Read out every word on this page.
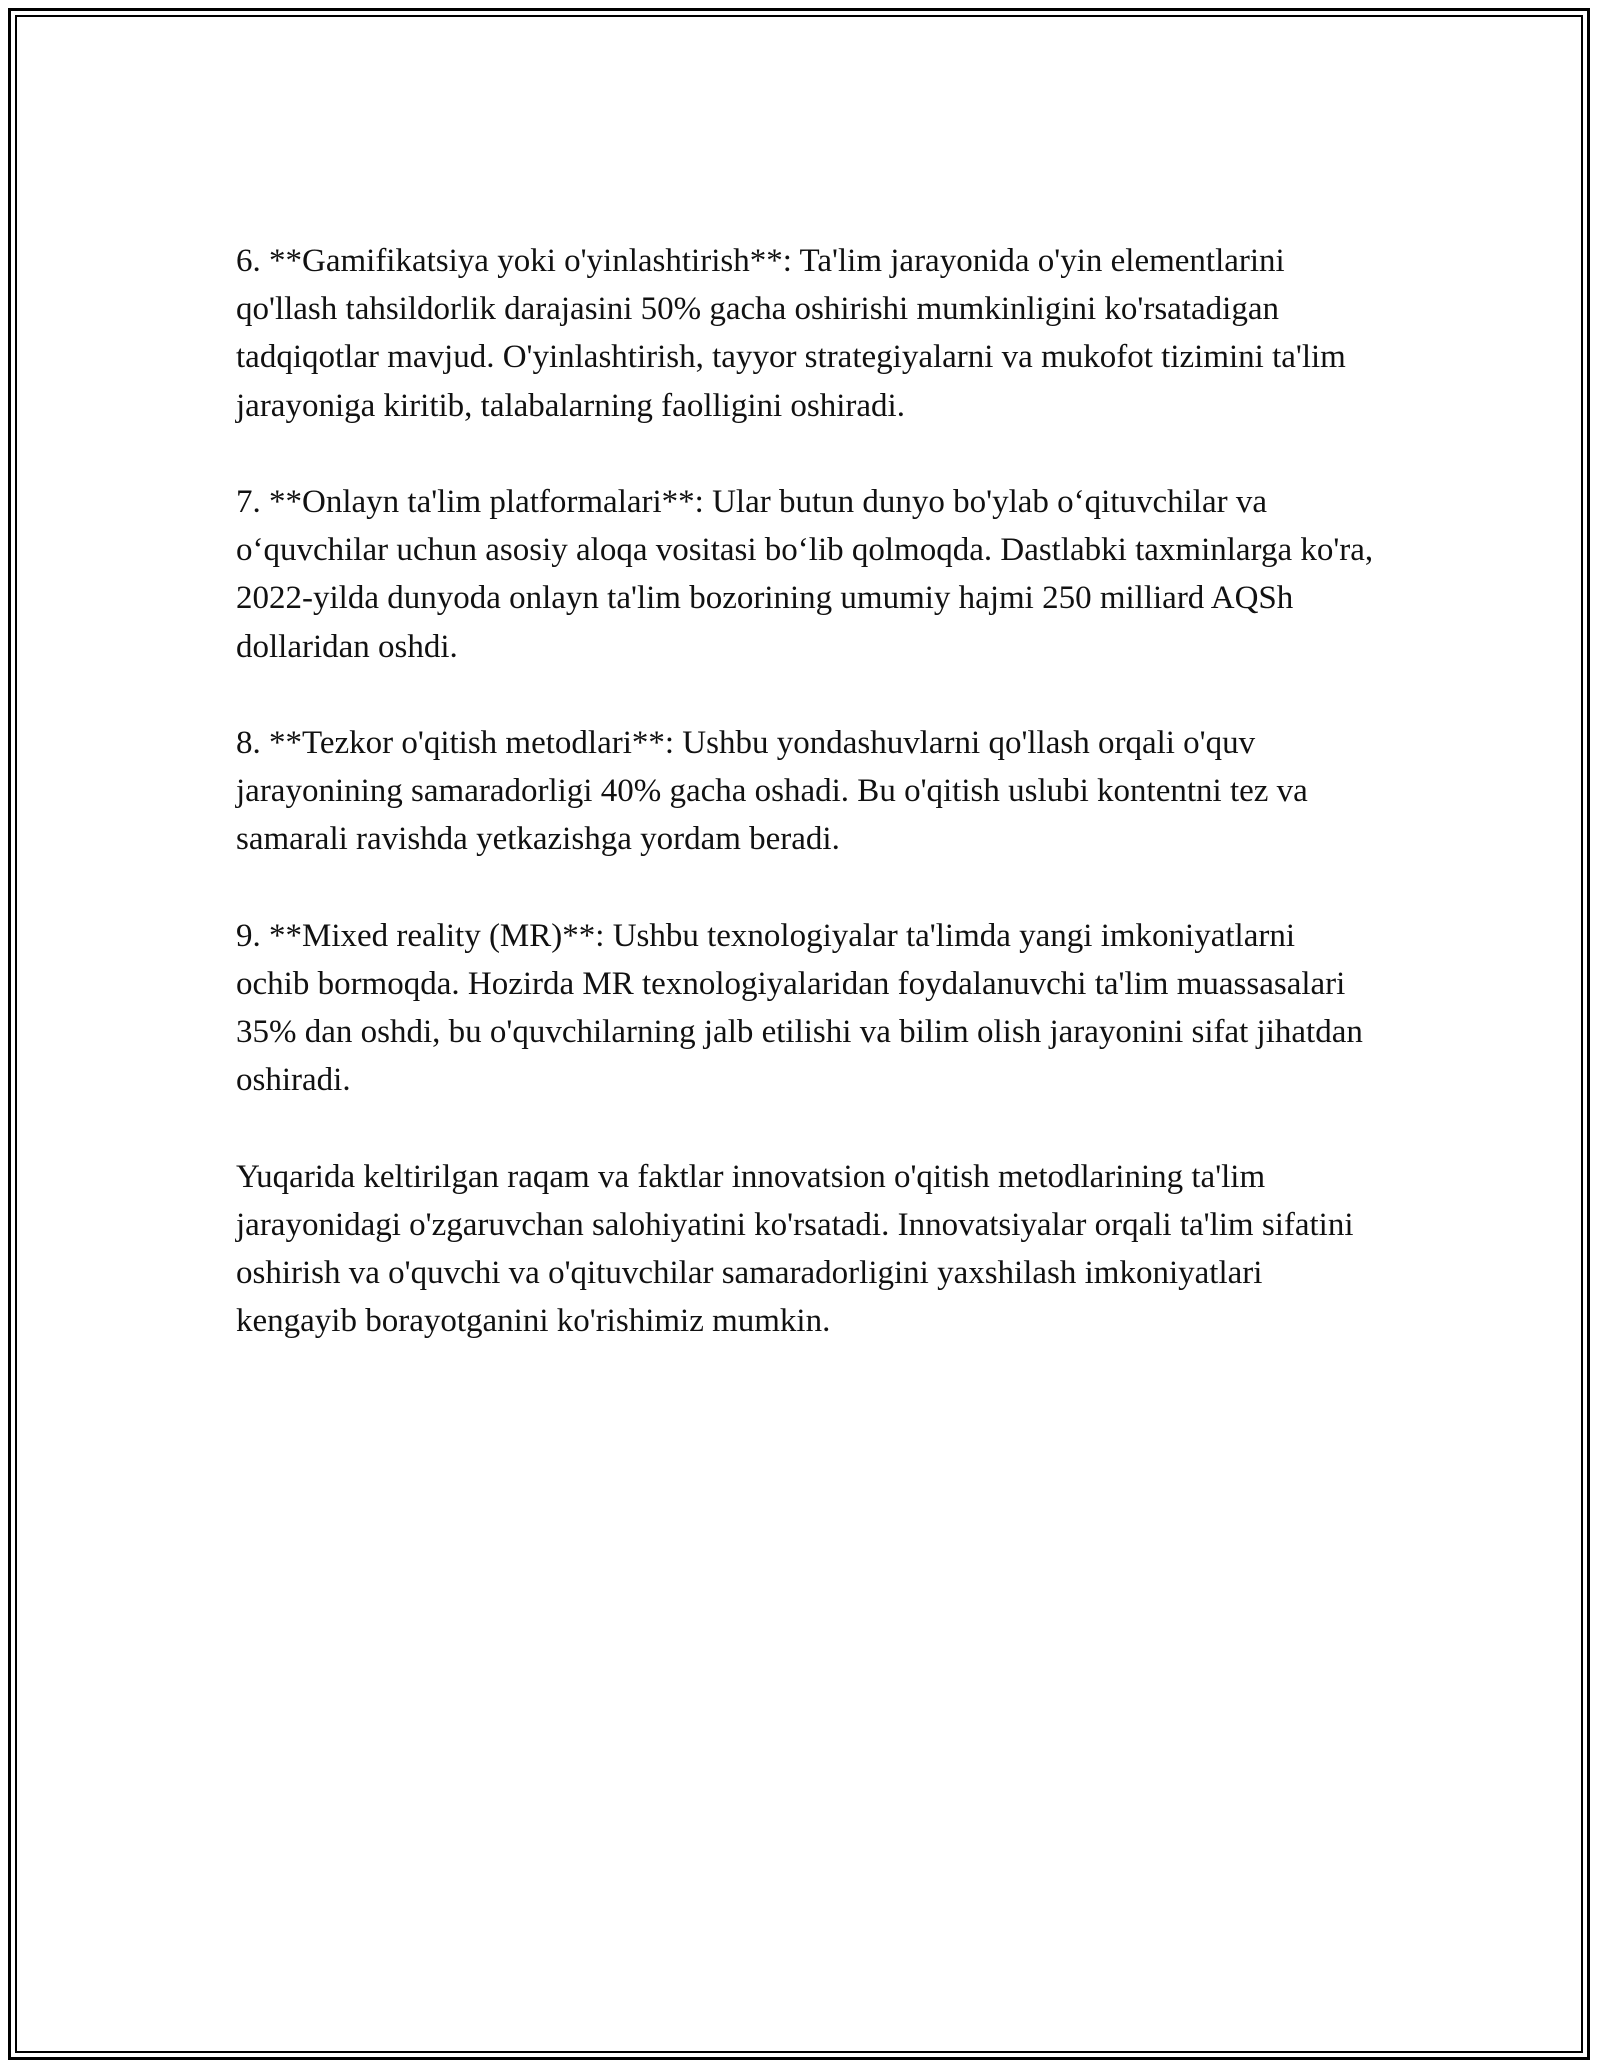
6. **Gamifikatsiya yoki o'yinlashtirish**: Ta'lim jarayonida o'yin elementlarini qo'llash tahsildorlik darajasini 50% gacha oshirishi mumkinligini ko'rsatadigan tadqiqotlar mavjud. O'yinlashtirish, tayyor strategiyalarni va mukofot tizimini ta'lim jarayoniga kiritib, talabalarning faolligini oshiradi.

7. **Onlayn ta'lim platformalari**: Ular butun dunyo bo'ylab o‘qituvchilar va o‘quvchilar uchun asosiy aloqa vositasi bo‘lib qolmoqda. Dastlabki taxminlarga ko'ra, 2022-yilda dunyoda onlayn ta'lim bozorining umumiy hajmi 250 milliard AQSh dollaridan oshdi.

8. **Tezkor o'qitish metodlari**: Ushbu yondashuvlarni qo'llash orqali o'quv jarayonining samaradorligi 40% gacha oshadi. Bu o'qitish uslubi kontentni tez va samarali ravishda yetkazishga yordam beradi.

9. **Mixed reality (MR)**: Ushbu texnologiyalar ta'limda yangi imkoniyatlarni ochib bormoqda. Hozirda MR texnologiyalaridan foydalanuvchi ta'lim muassasalari 35% dan oshdi, bu o'quvchilarning jalb etilishi va bilim olish jarayonini sifat jihatdan oshiradi.

Yuqarida keltirilgan raqam va faktlar innovatsion o'qitish metodlarining ta'lim jarayonidagi o'zgaruvchan salohiyatini ko'rsatadi. Innovatsiyalar orqali ta'lim sifatini oshirish va o'quvchi va o'qituvchilar samaradorligini yaxshilash imkoniyatlari kengayib borayotganini ko'rishimiz mumkin.
